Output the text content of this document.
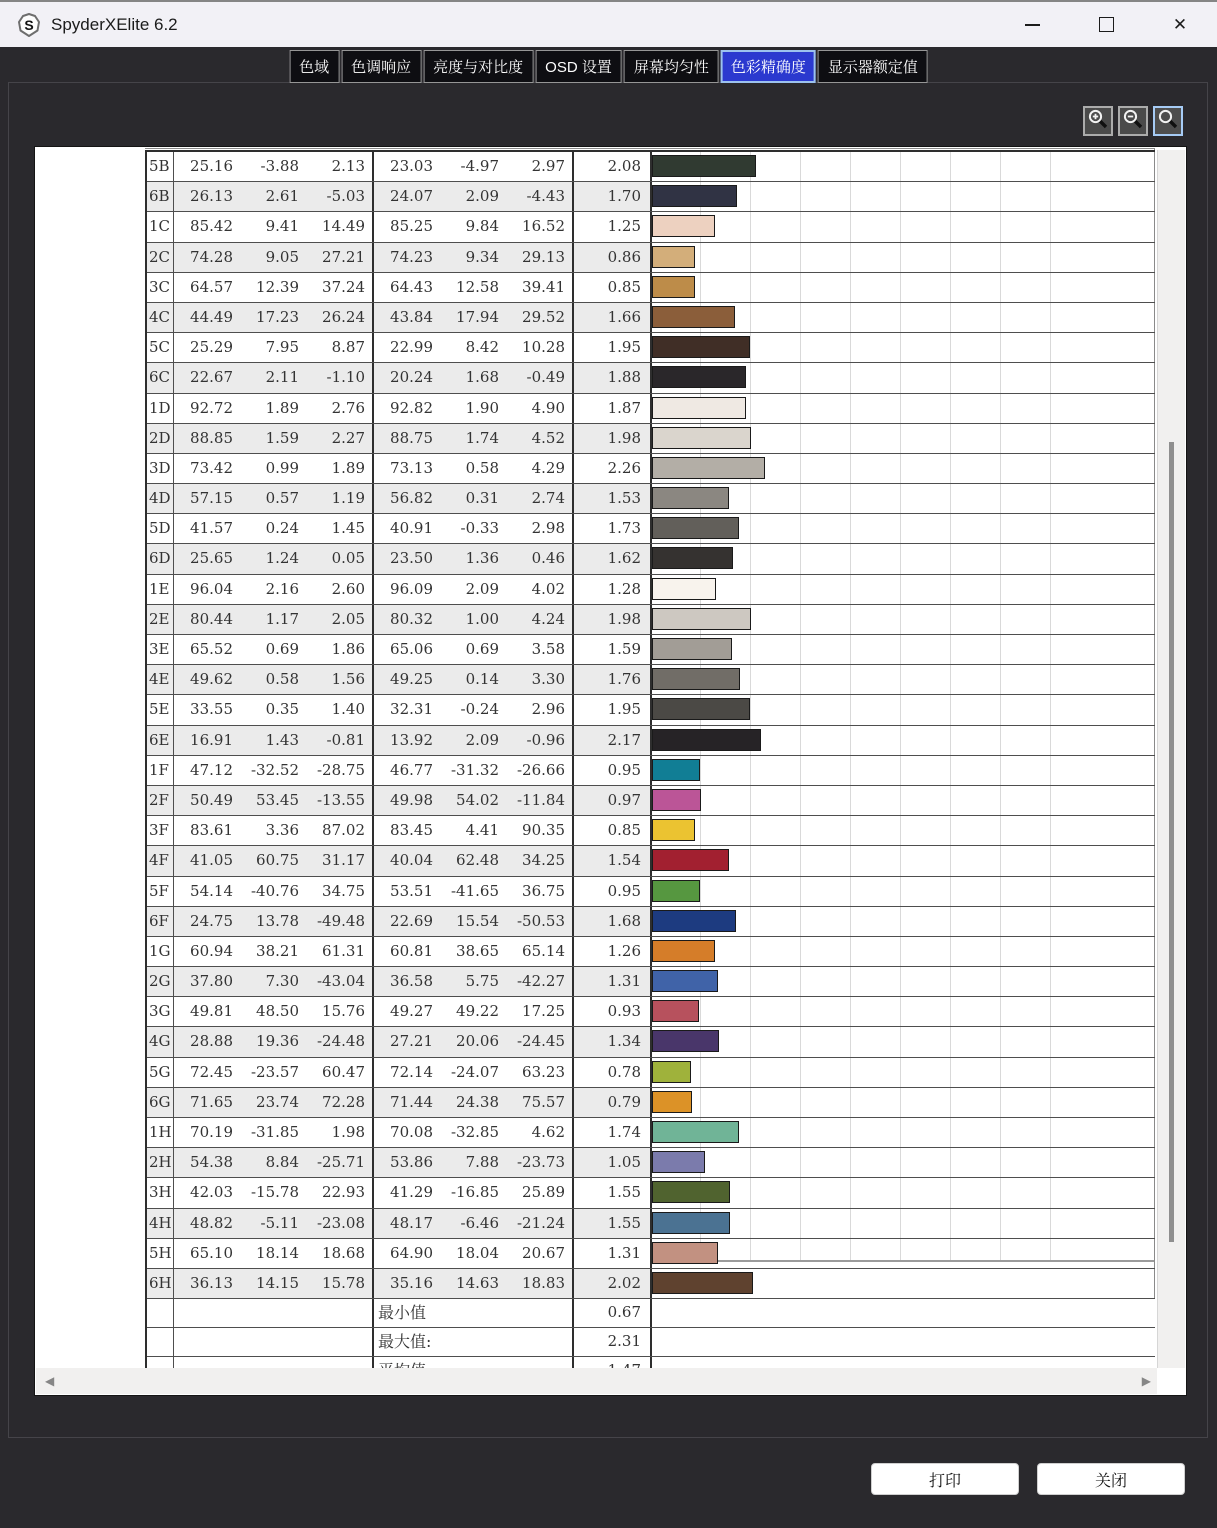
S SpyderXElite 6.2	✕
色域	色调响应	亮度与对比度	OSD 设置	屏幕均匀性	色彩精确度	显示器额定值
5B	25.16	-3.88	2.13	23.03	-4.97	2.97	2.08
6B	26.13	2.61	-5.03	24.07	2.09	-4.43	1.70
1C	85.42	9.41	14.49	85.25	9.84	16.52	1.25
2C	74.28	9.05	27.21	74.23	9.34	29.13	0.86
3C	64.57	12.39	37.24	64.43	12.58	39.41	0.85
4C	44.49	17.23	26.24	43.84	17.94	29.52	1.66
5C	25.29	7.95	8.87	22.99	8.42	10.28	1.95
6C	22.67	2.11	-1.10	20.24	1.68	-0.49	1.88
1D	92.72	1.89	2.76	92.82	1.90	4.90	1.87
2D	88.85	1.59	2.27	88.75	1.74	4.52	1.98
3D	73.42	0.99	1.89	73.13	0.58	4.29	2.26
4D	57.15	0.57	1.19	56.82	0.31	2.74	1.53
5D	41.57	0.24	1.45	40.91	-0.33	2.98	1.73
6D	25.65	1.24	0.05	23.50	1.36	0.46	1.62
1E	96.04	2.16	2.60	96.09	2.09	4.02	1.28
2E	80.44	1.17	2.05	80.32	1.00	4.24	1.98
3E	65.52	0.69	1.86	65.06	0.69	3.58	1.59
4E	49.62	0.58	1.56	49.25	0.14	3.30	1.76
5E	33.55	0.35	1.40	32.31	-0.24	2.96	1.95
6E	16.91	1.43	-0.81	13.92	2.09	-0.96	2.17
1F	47.12	-32.52	-28.75	46.77	-31.32	-26.66	0.95
2F	50.49	53.45	-13.55	49.98	54.02	-11.84	0.97
3F	83.61	3.36	87.02	83.45	4.41	90.35	0.85
4F	41.05	60.75	31.17	40.04	62.48	34.25	1.54
5F	54.14	-40.76	34.75	53.51	-41.65	36.75	0.95
6F	24.75	13.78	-49.48	22.69	15.54	-50.53	1.68
1G	60.94	38.21	61.31	60.81	38.65	65.14	1.26
2G	37.80	7.30	-43.04	36.58	5.75	-42.27	1.31
3G	49.81	48.50	15.76	49.27	49.22	17.25	0.93
4G	28.88	19.36	-24.48	27.21	20.06	-24.45	1.34
5G	72.45	-23.57	60.47	72.14	-24.07	63.23	0.78
6G	71.65	23.74	72.28	71.44	24.38	75.57	0.79
1H	70.19	-31.85	1.98	70.08	-32.85	4.62	1.74
2H	54.38	8.84	-25.71	53.86	7.88	-23.73	1.05
3H	42.03	-15.78	22.93	41.29	-16.85	25.89	1.55
4H	48.82	-5.11	-23.08	48.17	-6.46	-21.24	1.55
5H	65.10	18.14	18.68	64.90	18.04	20.67	1.31
6H	36.13	14.15	15.78	35.16	14.63	18.83	2.02
最小值	0.67
最大值:	2.31
◀	▶
打印	关闭
